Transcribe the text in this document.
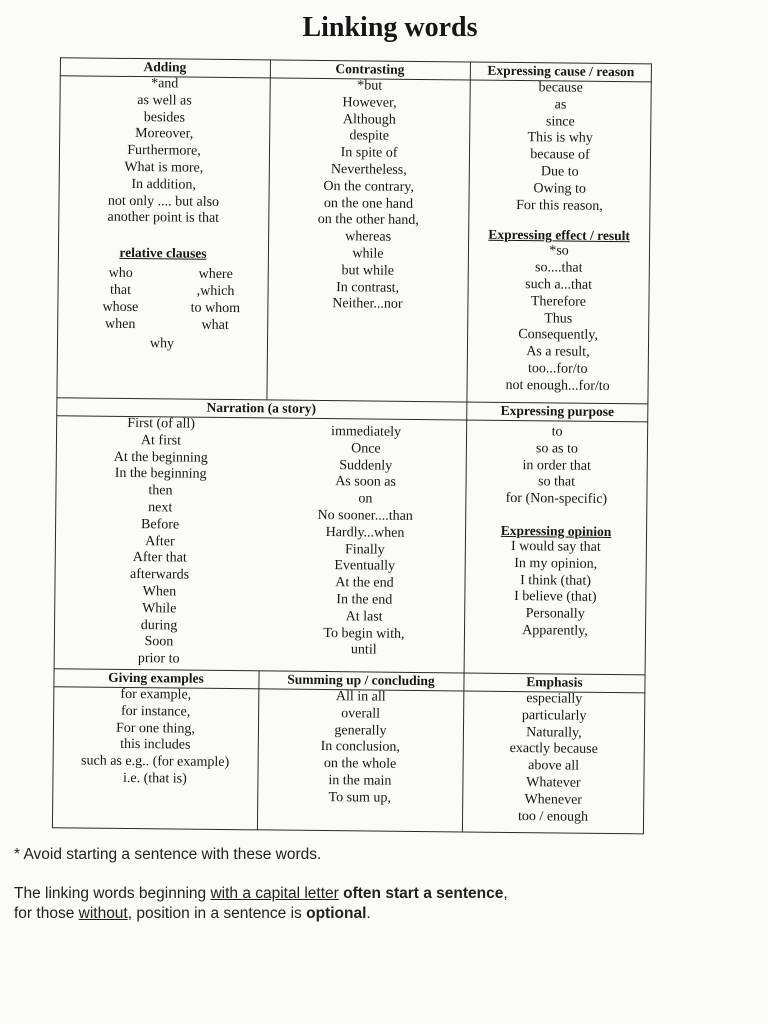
Linking words
Adding
*and
as well as
besides
Moreover,
Furthermore,
What is more,
In addition,
not only .... but also
another point is that
relative clauses
who
that
whose
when
where
,which
to whom
what
why
Contrasting
*but
However,
Although
despite
In spite of
Nevertheless,
On the contrary,
on the one hand
on the other hand,
whereas
while
but while
In contrast,
Neither...nor
Expressing cause / reason
because
as
since
This is why
because of
Due to
Owing to
For this reason,
Expressing effect / result
*so
so....that
such a...that
Therefore
Thus
Consequently,
As a result,
too...for/to
not enough...for/to
Narration (a story)
First (of all)
At first
At the beginning
In the beginning
then
next
Before
After
After that
afterwards
When
While
during
Soon
prior to
immediately
Once
Suddenly
As soon as
on
No sooner....than
Hardly...when
Finally
Eventually
At the end
In the end
At last
To begin with,
until
Expressing purpose
to
so as to
in order that
so that
for (Non-specific)
Expressing opinion
I would say that
In my opinion,
I think (that)
I believe (that)
Personally
Apparently,
Giving examples
for example,
for instance,
For one thing,
this includes
such as e.g.. (for example)
i.e. (that is)
Summing up / concluding
All in all
overall
generally
In conclusion,
on the whole
in the main
To sum up,
Emphasis
especially
particularly
Naturally,
exactly because
above all
Whatever
Whenever
too / enough
* Avoid starting a sentence with these words.
The linking words beginning with a capital letter often start a sentence,
for those without, position in a sentence is optional.
